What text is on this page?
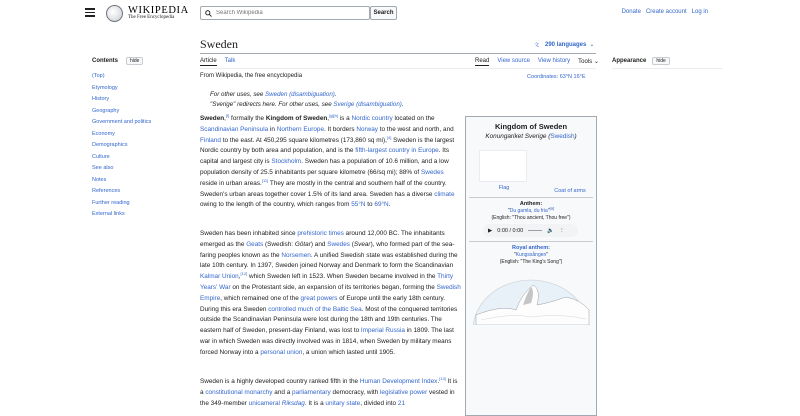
WIKIPEDIA
The Free Encyclopedia
Search Wikipedia
Search	Donate Create account Log in
Contents	hide
(Top)
Etymology
History
Geography
Government and politics
Economy
Demographics
Culture
See also
Notes
References
Further reading
External links
Sweden	文 290 languages ⌄
Article Talk	Read View source View history Tools ⌄ Appearance	hide
From Wikipedia, the free encyclopedia	Coordinates: 63°N 16°E
For other uses, see Sweden (disambiguation).
"Sverige" redirects here. For other uses, see Sverige (disambiguation).
Sweden,[f] formally the Kingdom of Sweden,[g][h] is a Nordic country located on the Scandinavian Peninsula in Northern Europe. It borders Norway to the west and north, and Finland to the east. At 450,295 square kilometres (173,860 sq mi),[4] Sweden is the largest Nordic country by both area and population, and is the fifth-largest country in Europe. Its capital and largest city is Stockholm. Sweden has a population of 10.6 million, and a low population density of 25.5 inhabitants per square kilometre (66/sq mi); 88% of Swedes reside in urban areas.[11] They are mostly in the central and southern half of the country. Sweden's urban areas together cover 1.5% of its land area. Sweden has a diverse climate owing to the length of the country, which ranges from 55°N to 69°N.
Sweden has been inhabited since prehistoric times around 12,000 BC. The inhabitants emerged as the Geats (Swedish: Götar) and Swedes (Svear), who formed part of the sea-faring peoples known as the Norsemen. A unified Swedish state was established during the late 10th century. In 1397, Sweden joined Norway and Denmark to form the Scandinavian Kalmar Union,[12] which Sweden left in 1523. When Sweden became involved in the Thirty Years' War on the Protestant side, an expansion of its territories began, forming the Swedish Empire, which remained one of the great powers of Europe until the early 18th century. During this era Sweden controlled much of the Baltic Sea. Most of the conquered territories outside the Scandinavian Peninsula were lost during the 18th and 19th centuries. The eastern half of Sweden, present-day Finland, was lost to Imperial Russia in 1809. The last war in which Sweden was directly involved was in 1814, when Sweden by military means forced Norway into a personal union, a union which lasted until 1905.
Sweden is a highly developed country ranked fifth in the Human Development Index.[13] It is a constitutional monarchy and a parliamentary democracy, with legislative power vested in the 349-member unicameral Riksdag. It is a unitary state, divided into 21
Kingdom of Sweden
Konungariket Sverige (Swedish)
Flag	Coat of arms
Anthem:
"Du gamla, du fria"[a]
(English: "Thou ancient, Thou free")
▶ 0:00 / 0:00	🔈 ⋮
Royal anthem:
"Kungssången"
(English: "The King's Song")
